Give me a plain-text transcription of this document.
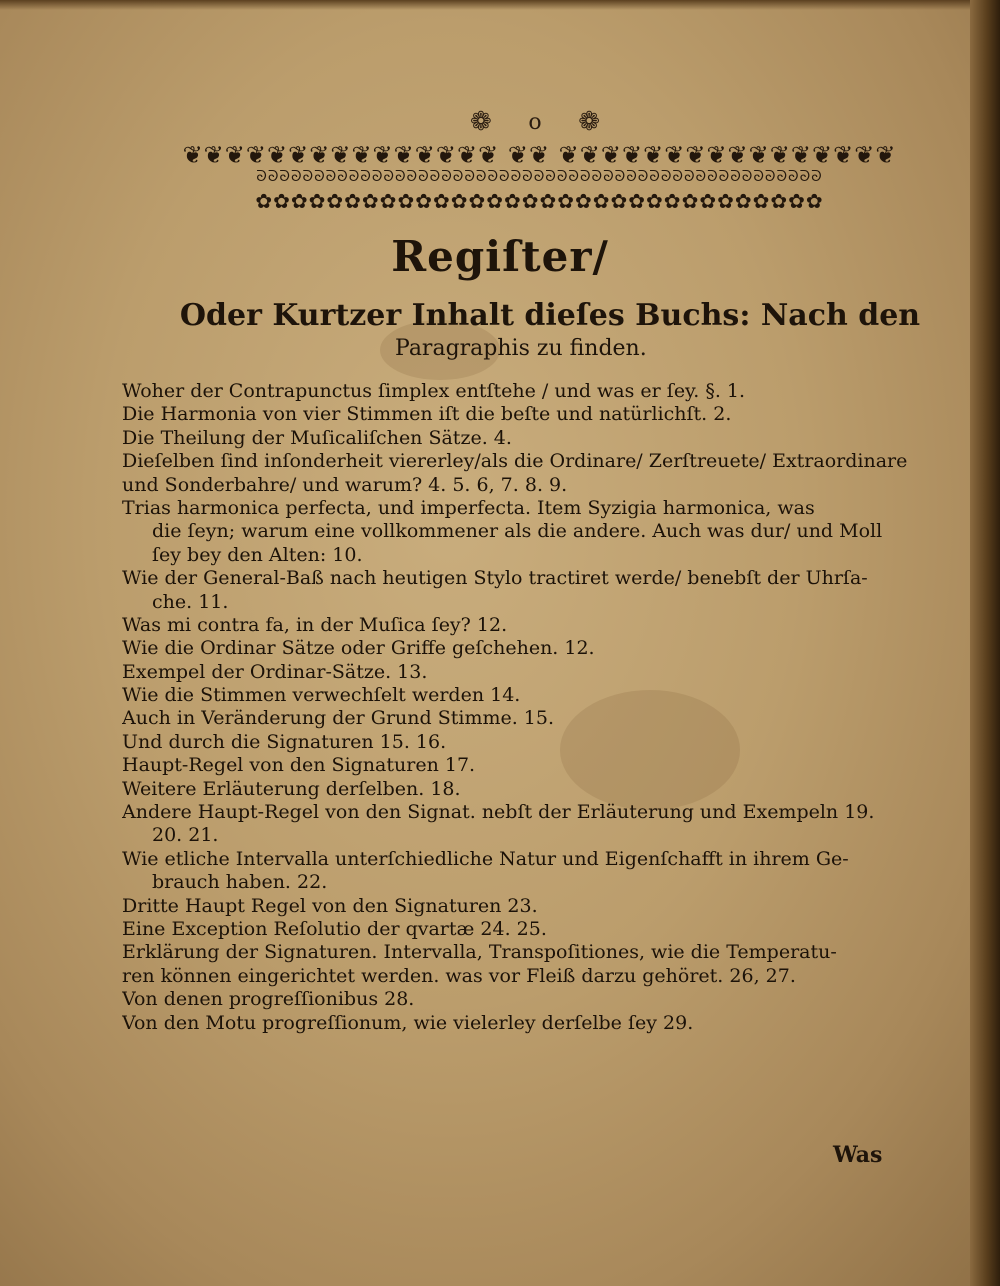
❁ o ❁
❦❦❦❦❦❦❦❦❦❦❦❦❦❦❦ ❦❦ ❦❦❦❦❦❦❦❦❦❦❦❦❦❦❦❦
ᘐᘐᘐᘐᘐᘐᘐᘐᘐᘐᘐᘐᘐᘐᘐᘐᘐᘐᘐᘐᘐᘐᘐᘐᘐᘐᘐᘐᘐᘐᘐᘐᘐᘐᘐᘐᘐᘐᘐᘐᘐᘐᘐᘐᘐᘐᘐᘐᘐ
✿✿✿✿✿✿✿✿✿✿✿✿✿✿✿✿✿✿✿✿✿✿✿✿✿✿✿✿✿✿✿✿
Regiſter/
Oder Kurtzer Inhalt dieſes Buchs: Nach den
Paragraphis zu finden.
Woher der Contrapunctus ſimplex entſtehe / und was er ſey. §. 1.
Die Harmonia von vier Stimmen iſt die beſte und natürlichſt. 2.
Die Theilung der Muſicaliſchen Sätze. 4.
Dieſelben ſind inſonderheit viererley/als die Ordinare/ Zerſtreuete/ Extraordinare
und Sonderbahre/ und warum? 4. 5. 6, 7. 8. 9.
Trias harmonica perfecta, und imperfecta. Item Syzigia harmonica, was
die ſeyn; warum eine vollkommener als die andere. Auch was dur/ und Moll
ſey bey den Alten: 10.
Wie der General-Baß nach heutigen Stylo tractiret werde/ benebſt der Uhrſa-
che. 11.
Was mi contra fa, in der Muſica ſey? 12.
Wie die Ordinar Sätze oder Griffe geſchehen. 12.
Exempel der Ordinar-Sätze. 13.
Wie die Stimmen verwechſelt werden 14.
Auch in Veränderung der Grund Stimme. 15.
Und durch die Signaturen 15. 16.
Haupt-Regel von den Signaturen 17.
Weitere Erläuterung derſelben. 18.
Andere Haupt-Regel von den Signat. nebſt der Erläuterung und Exempeln 19.
20. 21.
Wie etliche Intervalla unterſchiedliche Natur und Eigenſchafft in ihrem Ge-
brauch haben. 22.
Dritte Haupt Regel von den Signaturen 23.
Eine Exception Reſolutio der qvartæ 24. 25.
Erklärung der Signaturen. Intervalla, Transpoſitiones, wie die Temperatu-
ren können eingerichtet werden. was vor Fleiß darzu gehöret. 26, 27.
Von denen progreſſionibus 28.
Von den Motu progreſſionum, wie vielerley derſelbe ſey 29.
Was
